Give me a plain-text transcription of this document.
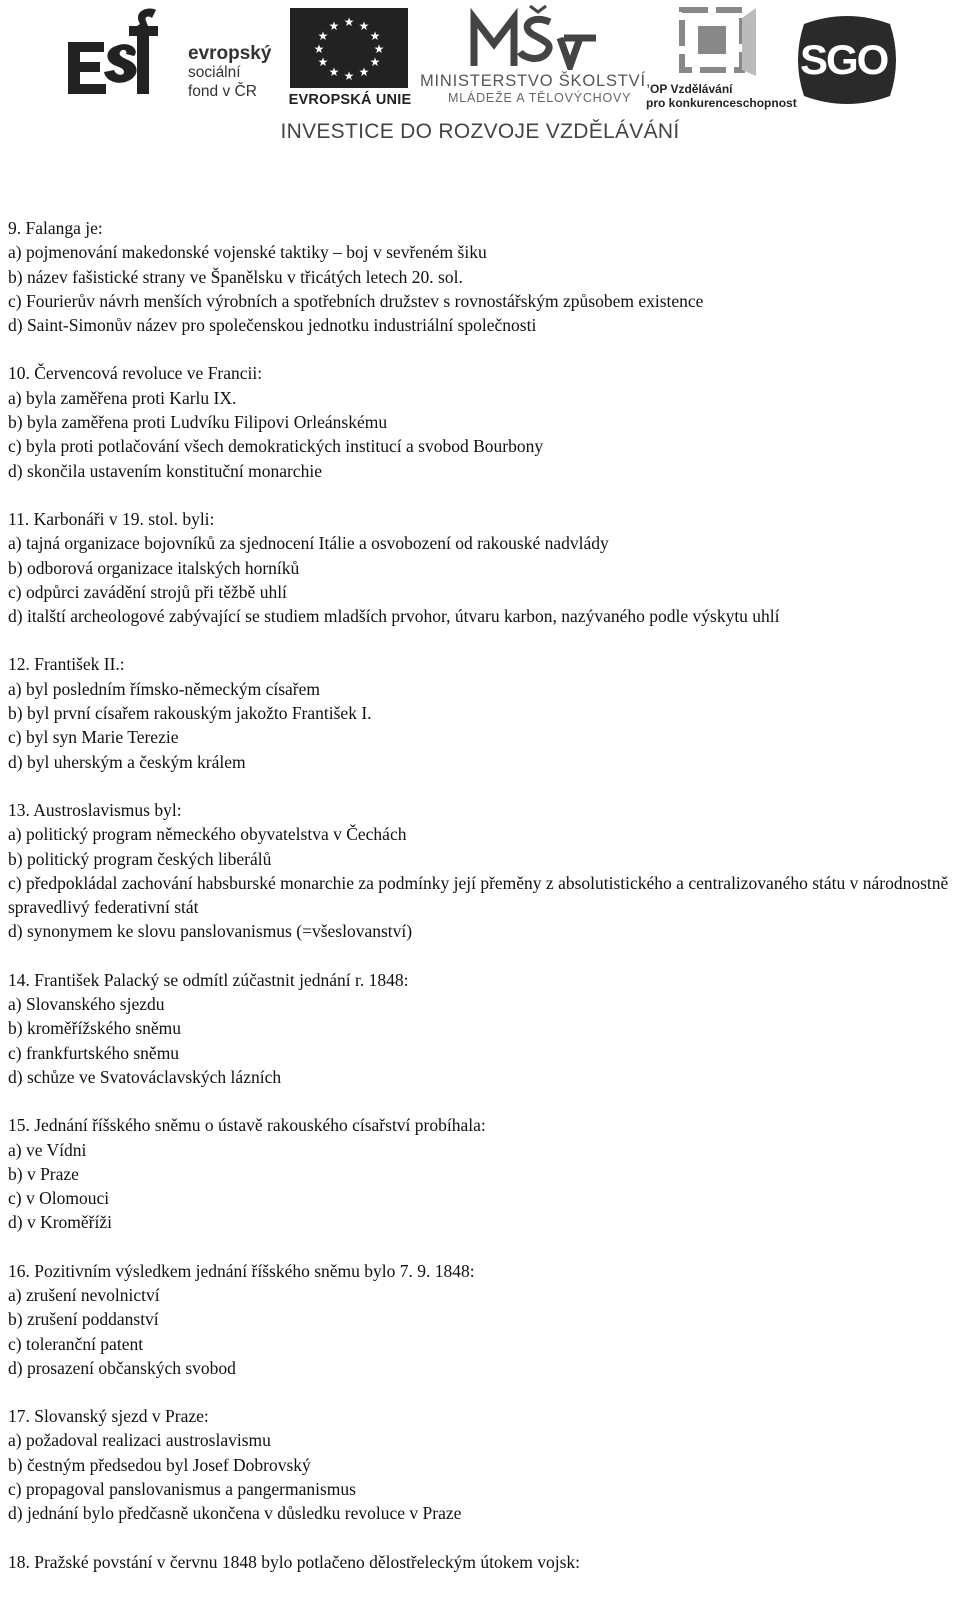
evropský
sociální
fond v ČR
★ ★
★
★
★
★
★
★
★
★
★
★
EVROPSKÁ UNIE
MINISTERSTVO ŠKOLSTVÍ,
MLÁDEŽE A TĚLOVÝCHOVY
OP Vzdělávání
pro konkurenceschopnost
SGO
INVESTICE DO ROZVOJE VZDĚLÁVÁNÍ
9. Falanga je:
a) pojmenování makedonské vojenské taktiky – boj v sevřeném šiku
b) název fašistické strany ve Španělsku v třicátých letech 20. sol.
c) Fourierův návrh menších výrobních a spotřebních družstev s rovnostářským způsobem existence
d) Saint-Simonův název pro společenskou jednotku industriální společnosti
10. Červencová revoluce ve Francii:
a) byla zaměřena proti Karlu IX.
b) byla zaměřena proti Ludvíku Filipovi Orleánskému
c) byla proti potlačování všech demokratických institucí a svobod Bourbony
d) skončila ustavením konstituční monarchie
11. Karbonáři v 19. stol. byli:
a) tajná organizace bojovníků za sjednocení Itálie a osvobození od rakouské nadvlády
b) odborová organizace italských horníků
c) odpůrci zavádění strojů při těžbě uhlí
d) italští archeologové zabývající se studiem mladších prvohor, útvaru karbon, nazývaného podle výskytu uhlí
12. František II.:
a) byl posledním římsko-německým císařem
b) byl první císařem rakouským jakožto František I.
c) byl syn Marie Terezie
d) byl uherským a českým králem
13. Austroslavismus byl:
a) politický program německého obyvatelstva v Čechách
b) politický program českých liberálů
c) předpokládal zachování habsburské monarchie za podmínky její přeměny z absolutistického a centralizovaného státu v národnostně spravedlivý federativní stát
d) synonymem ke slovu panslovanismus (=všeslovanství)
14. František Palacký se odmítl zúčastnit jednání r. 1848:
a) Slovanského sjezdu
b) kroměřížského sněmu
c) frankfurtského sněmu
d) schůze ve Svatováclavských lázních
15. Jednání říšského sněmu o ústavě rakouského císařství probíhala:
a) ve Vídni
b) v Praze
c) v Olomouci
d) v Kroměříži
16. Pozitivním výsledkem jednání říšského sněmu bylo 7. 9. 1848:
a) zrušení nevolnictví
b) zrušení poddanství
c) toleranční patent
d) prosazení občanských svobod
17. Slovanský sjezd v Praze:
a) požadoval realizaci austroslavismu
b) čestným předsedou byl Josef Dobrovský
c) propagoval panslovanismus a pangermanismus
d) jednání bylo předčasně ukončena v důsledku revoluce v Praze
18. Pražské povstání v červnu 1848 bylo potlačeno dělostřeleckým útokem vojsk:
